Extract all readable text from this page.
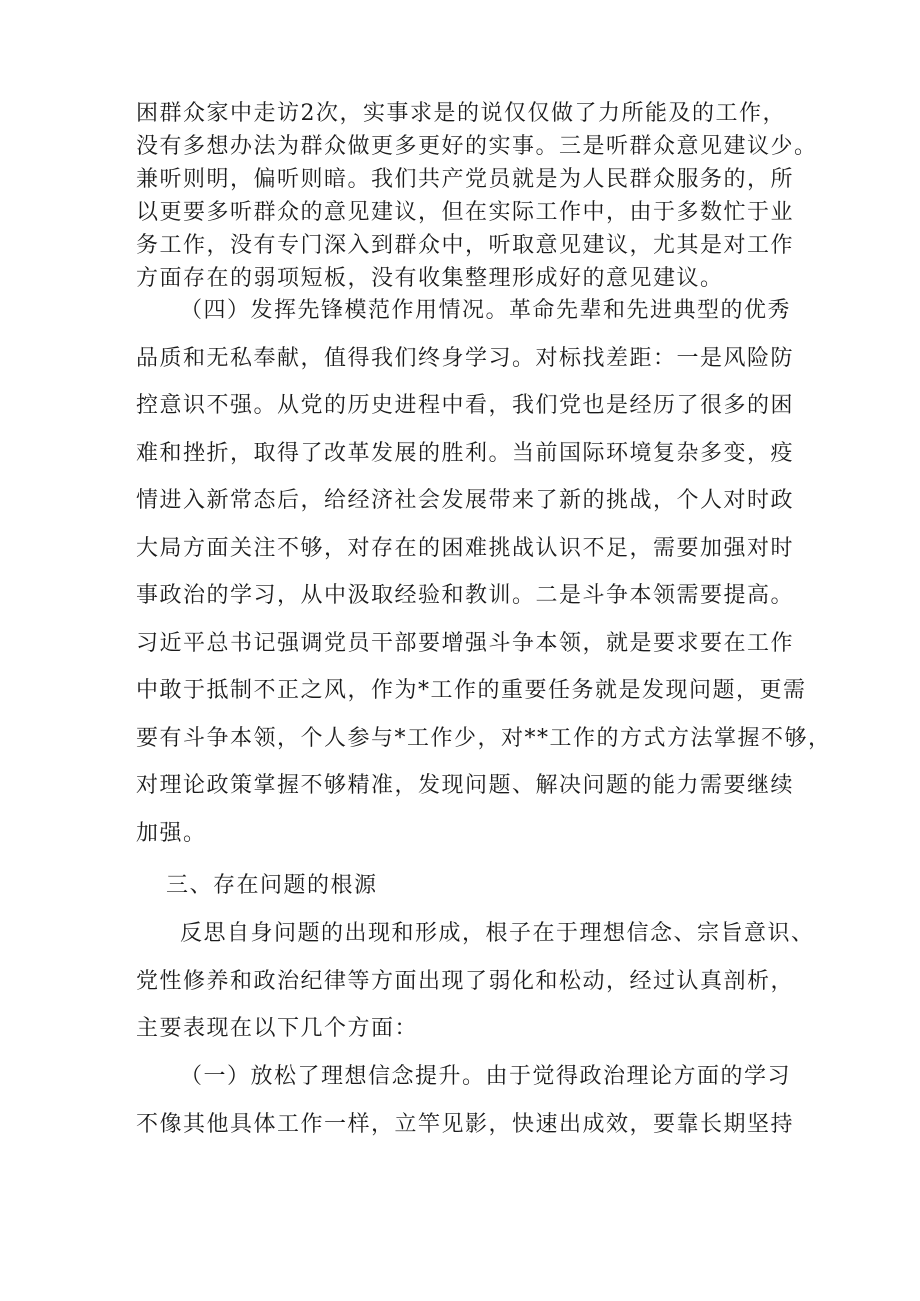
困群众家中走访2次，实事求是的说仅仅做了力所能及的工作，
没有多想办法为群众做更多更好的实事。三是听群众意见建议少。
兼听则明，偏听则暗。我们共产党员就是为人民群众服务的，所
以更要多听群众的意见建议，但在实际工作中，由于多数忙于业
务工作，没有专门深入到群众中，听取意见建议，尤其是对工作
方面存在的弱项短板，没有收集整理形成好的意见建议。
（四）发挥先锋模范作用情况。革命先辈和先进典型的优秀
品质和无私奉献，值得我们终身学习。对标找差距：一是风险防
控意识不强。从党的历史进程中看，我们党也是经历了很多的困
难和挫折，取得了改革发展的胜利。当前国际环境复杂多变，疫
情进入新常态后，给经济社会发展带来了新的挑战，个人对时政
大局方面关注不够，对存在的困难挑战认识不足，需要加强对时
事政治的学习，从中汲取经验和教训。二是斗争本领需要提高。
习近平总书记强调党员干部要增强斗争本领，就是要求要在工作
中敢于抵制不正之风，作为*工作的重要任务就是发现问题，更需
要有斗争本领，个人参与*工作少，对**工作的方式方法掌握不够，
对理论政策掌握不够精准，发现问题、解决问题的能力需要继续
加强。
三、存在问题的根源
反思自身问题的出现和形成，根子在于理想信念、宗旨意识、
党性修养和政治纪律等方面出现了弱化和松动，经过认真剖析，
主要表现在以下几个方面：
（一）放松了理想信念提升。由于觉得政治理论方面的学习
不像其他具体工作一样，立竿见影，快速出成效，要靠长期坚持
